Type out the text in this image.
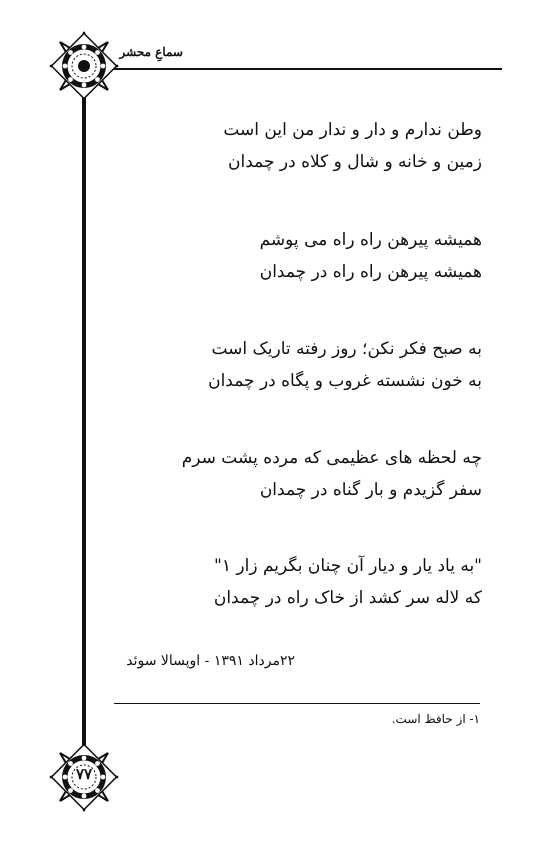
سماعِ محشر
وطن ندارم و دار و ندار من این است
زمین و خانه و شال و کلاه در چمدان
همیشه پیرهن راه راه می پوشم
همیشه پیرهن راه راه در چمدان
به صبح فکر نکن؛ روز رفته تاریک است
به خون نشسته غروب و پگاه در چمدان
چه لحظه های عظیمی که مرده پشت سرم
سفر گزیدم و بار گناه در چمدان
"به یاد یار و دیار آن چنان بگریم زار ۱"
که لاله سر کشد از خاک راه در چمدان
۲۲مرداد ۱۳۹۱ - اوپسالا سوئد
۱- از حافظ است.
۷۷
